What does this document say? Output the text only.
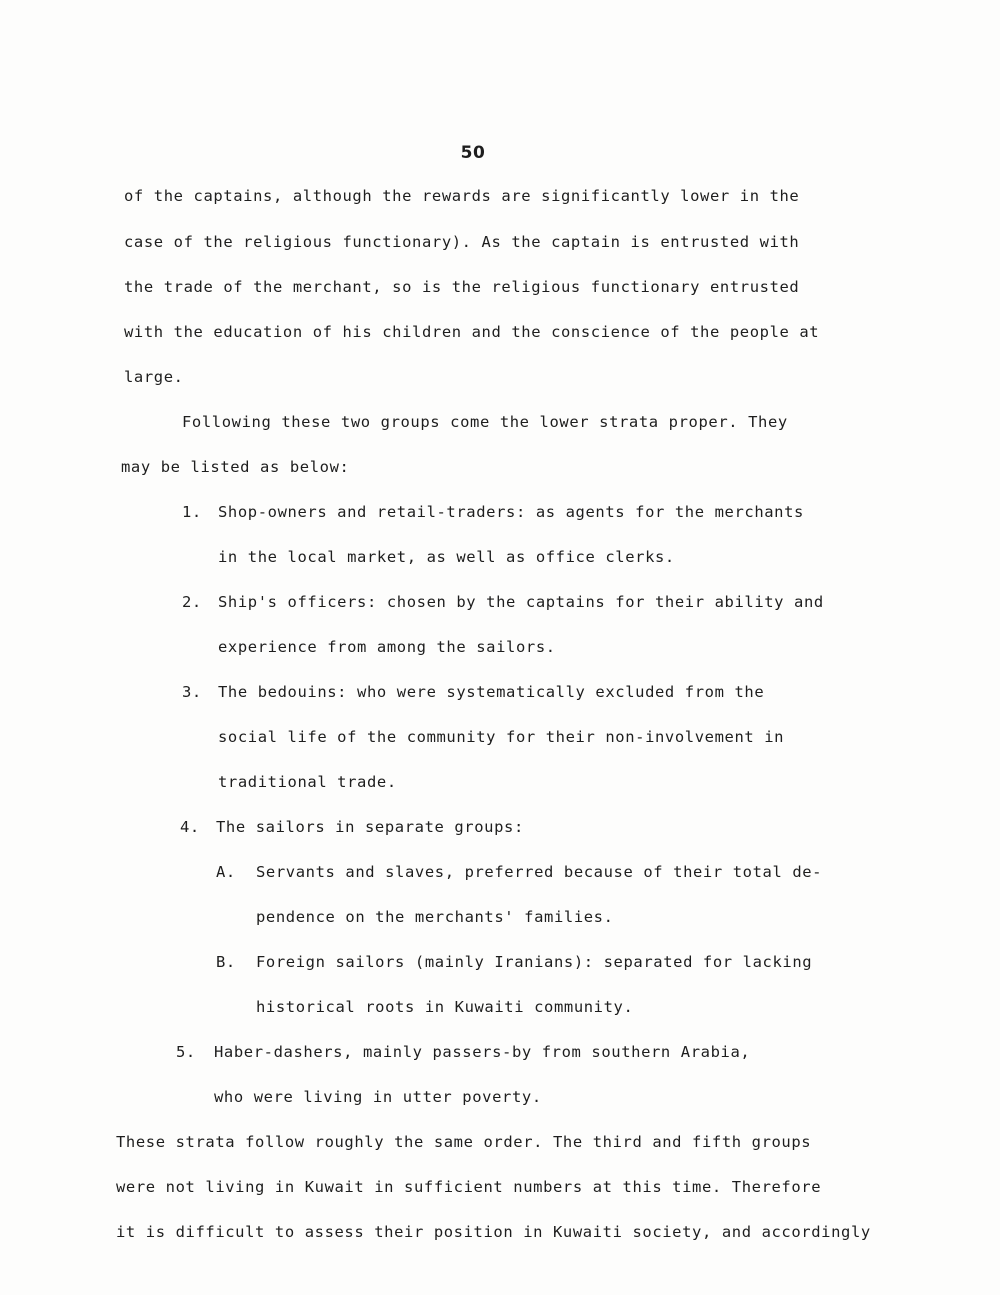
50
of the captains, although the rewards are significantly lower in the
case of the religious functionary). As the captain is entrusted with
the trade of the merchant, so is the religious functionary entrusted
with the education of his children and the conscience of the people at
large.
Following these two groups come the lower strata proper. They
may be listed as below:
1. Shop-owners and retail-traders: as agents for the merchants
in the local market, as well as office clerks.
2. Ship's officers: chosen by the captains for their ability and
experience from among the sailors.
3. The bedouins: who were systematically excluded from the
social life of the community for their non-involvement in
traditional trade.
4. The sailors in separate groups:
A. Servants and slaves, preferred because of their total de-
pendence on the merchants' families.
B. Foreign sailors (mainly Iranians): separated for lacking
historical roots in Kuwaiti community.
5. Haber-dashers, mainly passers-by from southern Arabia,
who were living in utter poverty.
These strata follow roughly the same order. The third and fifth groups
were not living in Kuwait in sufficient numbers at this time. Therefore
it is difficult to assess their position in Kuwaiti society, and accordingly
